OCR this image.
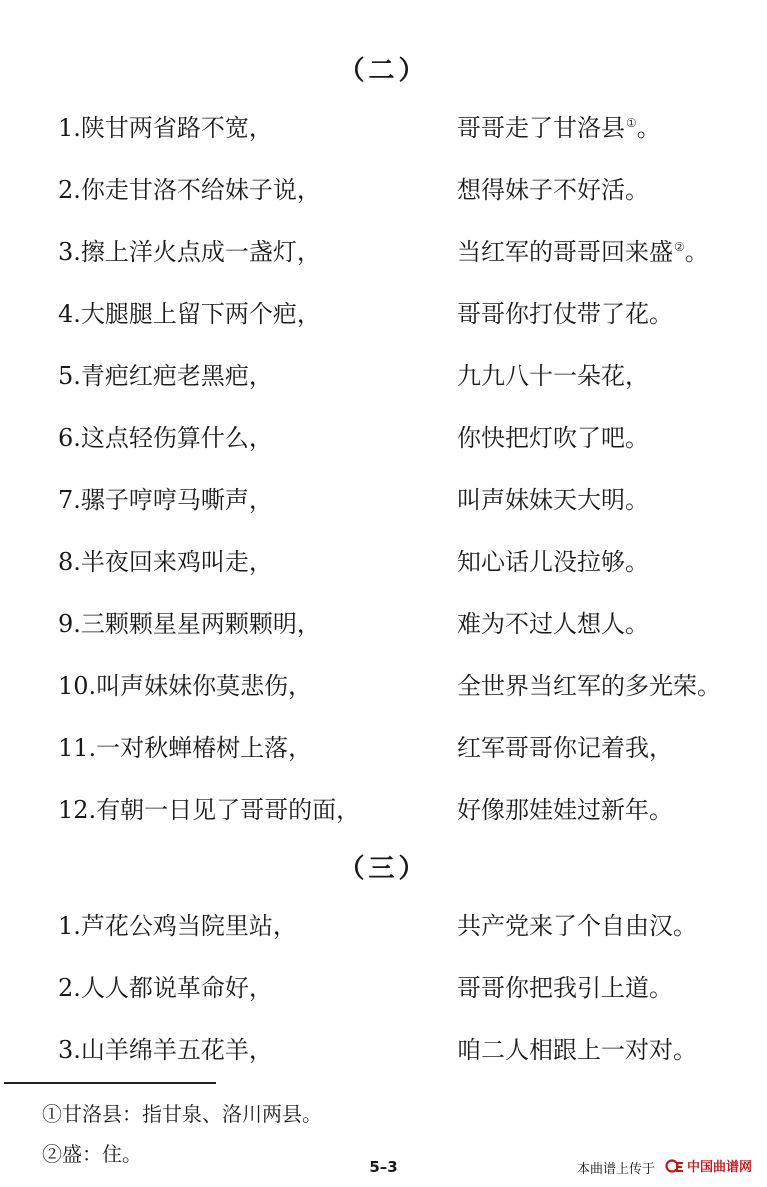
（二）
1.陕甘两省路不宽，	哥哥走了甘洛县①。
2.你走甘洛不给妹子说，	想得妹子不好活。
3.擦上洋火点成一盏灯，	当红军的哥哥回来盛②。
4.大腿腿上留下两个疤，	哥哥你打仗带了花。
5.青疤红疤老黑疤，	九九八十一朵花，
6.这点轻伤算什么，	你快把灯吹了吧。
7.骡子哼哼马嘶声，	叫声妹妹天大明。
8.半夜回来鸡叫走，	知心话儿没拉够。
9.三颗颗星星两颗颗明，	难为不过人想人。
10.叫声妹妹你莫悲伤，	全世界当红军的多光荣。
11.一对秋蝉椿树上落，	红军哥哥你记着我，
12.有朝一日见了哥哥的面，	好像那娃娃过新年。
（三）
1.芦花公鸡当院里站，	共产党来了个自由汉。
2.人人都说革命好，	哥哥你把我引上道。
3.山羊绵羊五花羊，	咱二人相跟上一对对。
①甘洛县：指甘泉、洛川两县。
②盛：住。
5–3	本曲谱上传于	中国曲谱网
